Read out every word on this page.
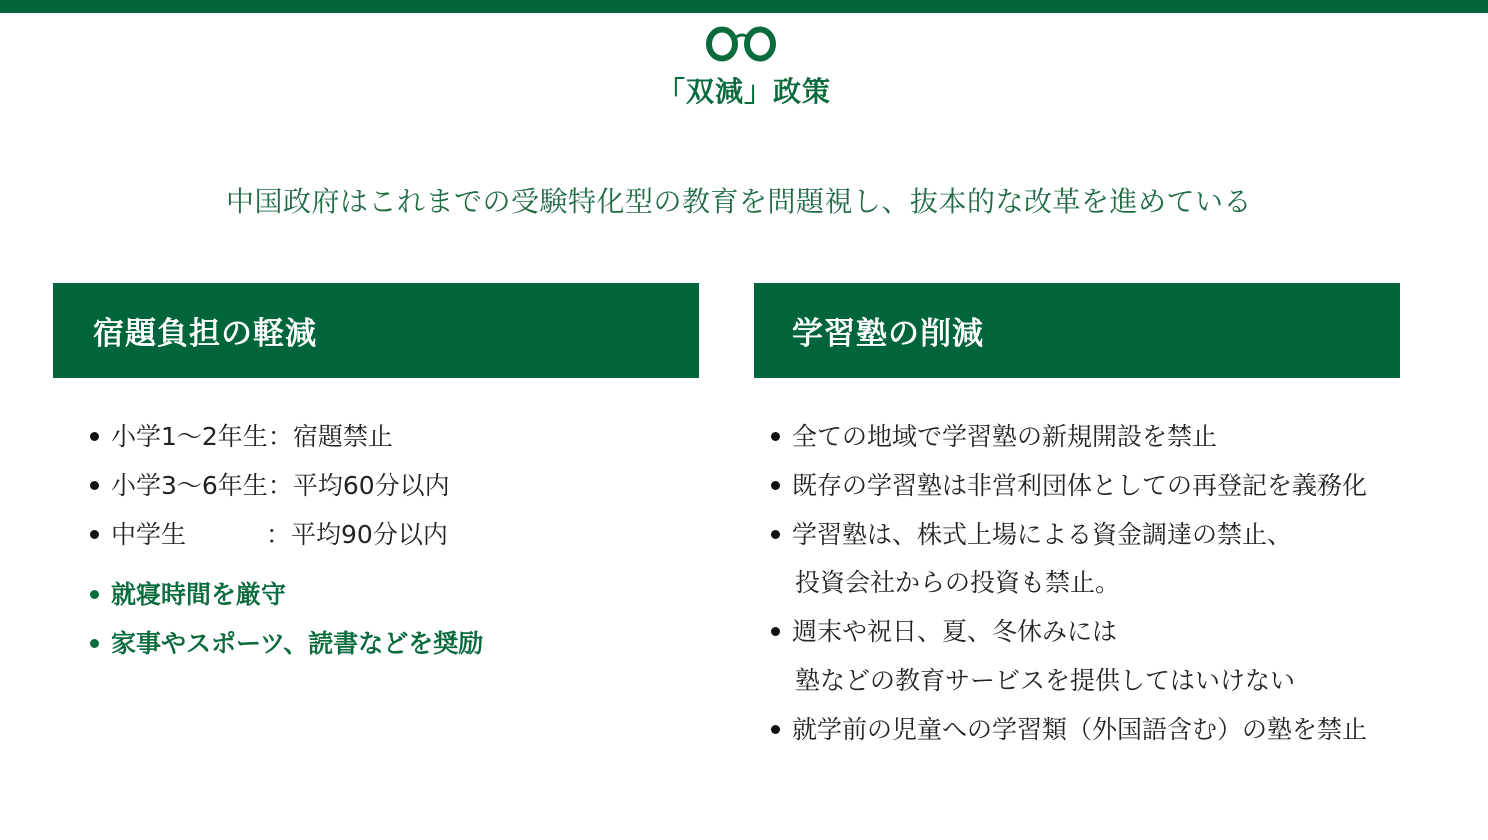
「双減」政策
中国政府はこれまでの受験特化型の教育を問題視し、抜本的な改革を進めている
宿題負担の軽減
小学1〜2年生：宿題禁止
小学3〜6年生：平均60分以内
中学生	：平均90分以内
就寝時間を厳守
家事やスポーツ、読書などを奨励
学習塾の削減
全ての地域で学習塾の新規開設を禁止
既存の学習塾は非営利団体としての再登記を義務化
学習塾は、株式上場による資金調達の禁止、
投資会社からの投資も禁止。
週末や祝日、夏、冬休みには
塾などの教育サービスを提供してはいけない
就学前の児童への学習類（外国語含む）の塾を禁止
